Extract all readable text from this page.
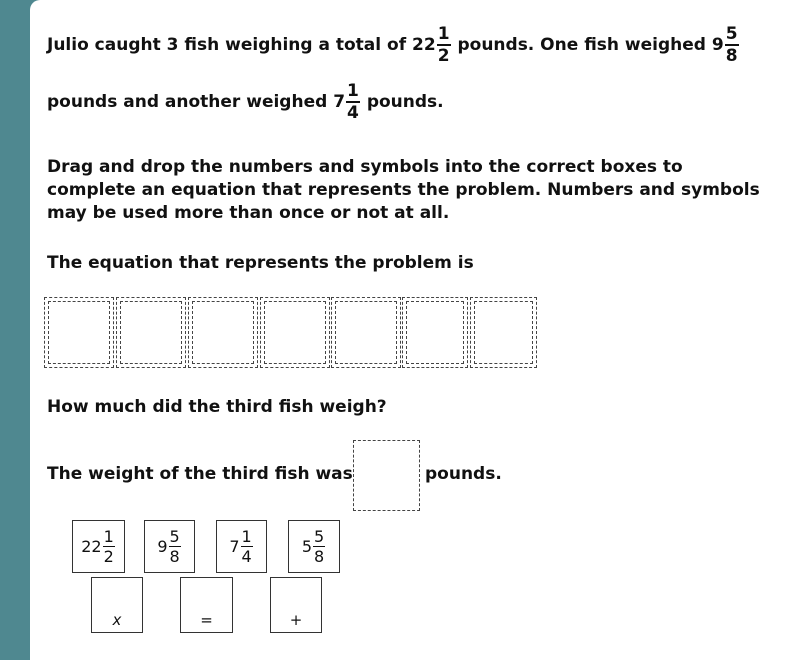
Julio caught 3 fish weighing a total of $22 \frac{1}{2}$ pounds. One fish weighed $9 \frac{5}{8}$
pounds and another weighed $7 \frac{1}{4}$ pounds.
Drag and drop the numbers and symbols into the correct boxes to complete an equation that represents the problem. Numbers and symbols may be used more than once or not at all.
The equation that represents the problem is
How much did the third fish weigh?
The weight of the third fish was	pounds.
$22 \frac{1}{2}$	$9 \frac{5}{8}$	$7 \frac{1}{4}$	$5 \frac{5}{8}$
x	=	+
